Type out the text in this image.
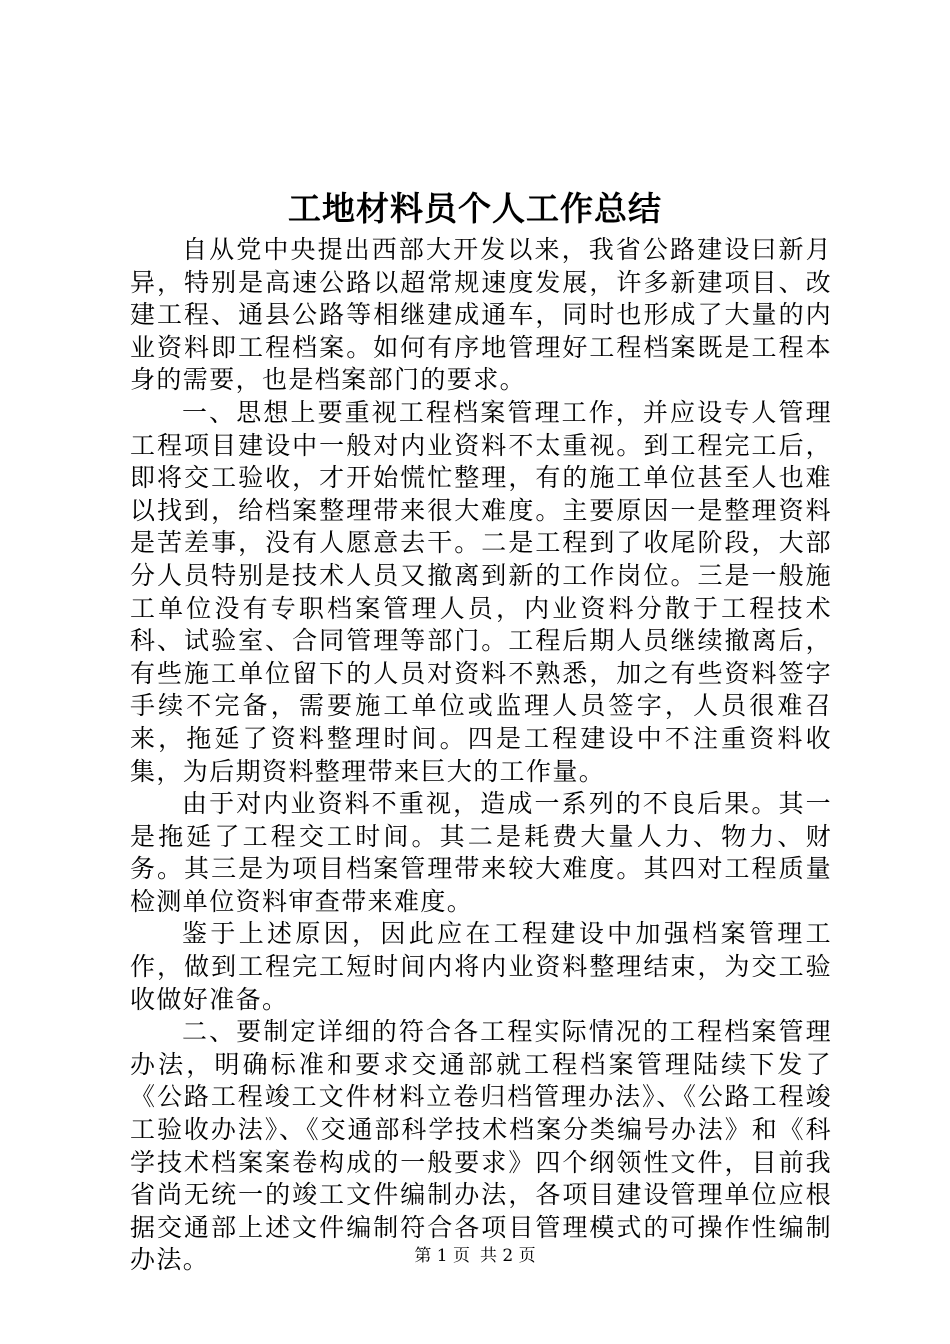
工地材料员个人工作总结

自从党中央提出西部大开发以来，我省公路建设曰新月异，特别是高速公路以超常规速度发展，许多新建项目、改建工程、通县公路等相继建成通车，同时也形成了大量的内业资料即工程档案。如何有序地管理好工程档案既是工程本身的需要，也是档案部门的要求。

一、思想上要重视工程档案管理工作，并应设专人管理工程项目建设中一般对内业资料不太重视。到工程完工后，即将交工验收，才开始慌忙整理，有的施工单位甚至人也难以找到，给档案整理带来很大难度。主要原因一是整理资料是苦差事，没有人愿意去干。二是工程到了收尾阶段，大部分人员特别是技术人员又撤离到新的工作岗位。三是一般施工单位没有专职档案管理人员，内业资料分散于工程技术科、试验室、合同管理等部门。工程后期人员继续撤离后，有些施工单位留下的人员对资料不熟悉，加之有些资料签字手续不完备，需要施工单位或监理人员签字，人员很难召来，拖延了资料整理时间。四是工程建设中不注重资料收集，为后期资料整理带来巨大的工作量。

由于对内业资料不重视，造成一系列的不良后果。其一是拖延了工程交工时间。其二是耗费大量人力、物力、财务。其三是为项目档案管理带来较大难度。其四对工程质量检测单位资料审查带来难度。

鉴于上述原因，因此应在工程建设中加强档案管理工作，做到工程完工短时间内将内业资料整理结束，为交工验收做好准备。

二、要制定详细的符合各工程实际情况的工程档案管理办法，明确标准和要求交通部就工程档案管理陆续下发了《公路工程竣工文件材料立卷归档管理办法》、《公路工程竣工验收办法》、《交通部科学技术档案分类编号办法》和《科学技术档案案卷构成的一般要求》四个纲领性文件，目前我省尚无统一的竣工文件编制办法，各项目建设管理单位应根据交通部上述文件编制符合各项目管理模式的可操作性编制办法。	第 1 页 共 2 页
